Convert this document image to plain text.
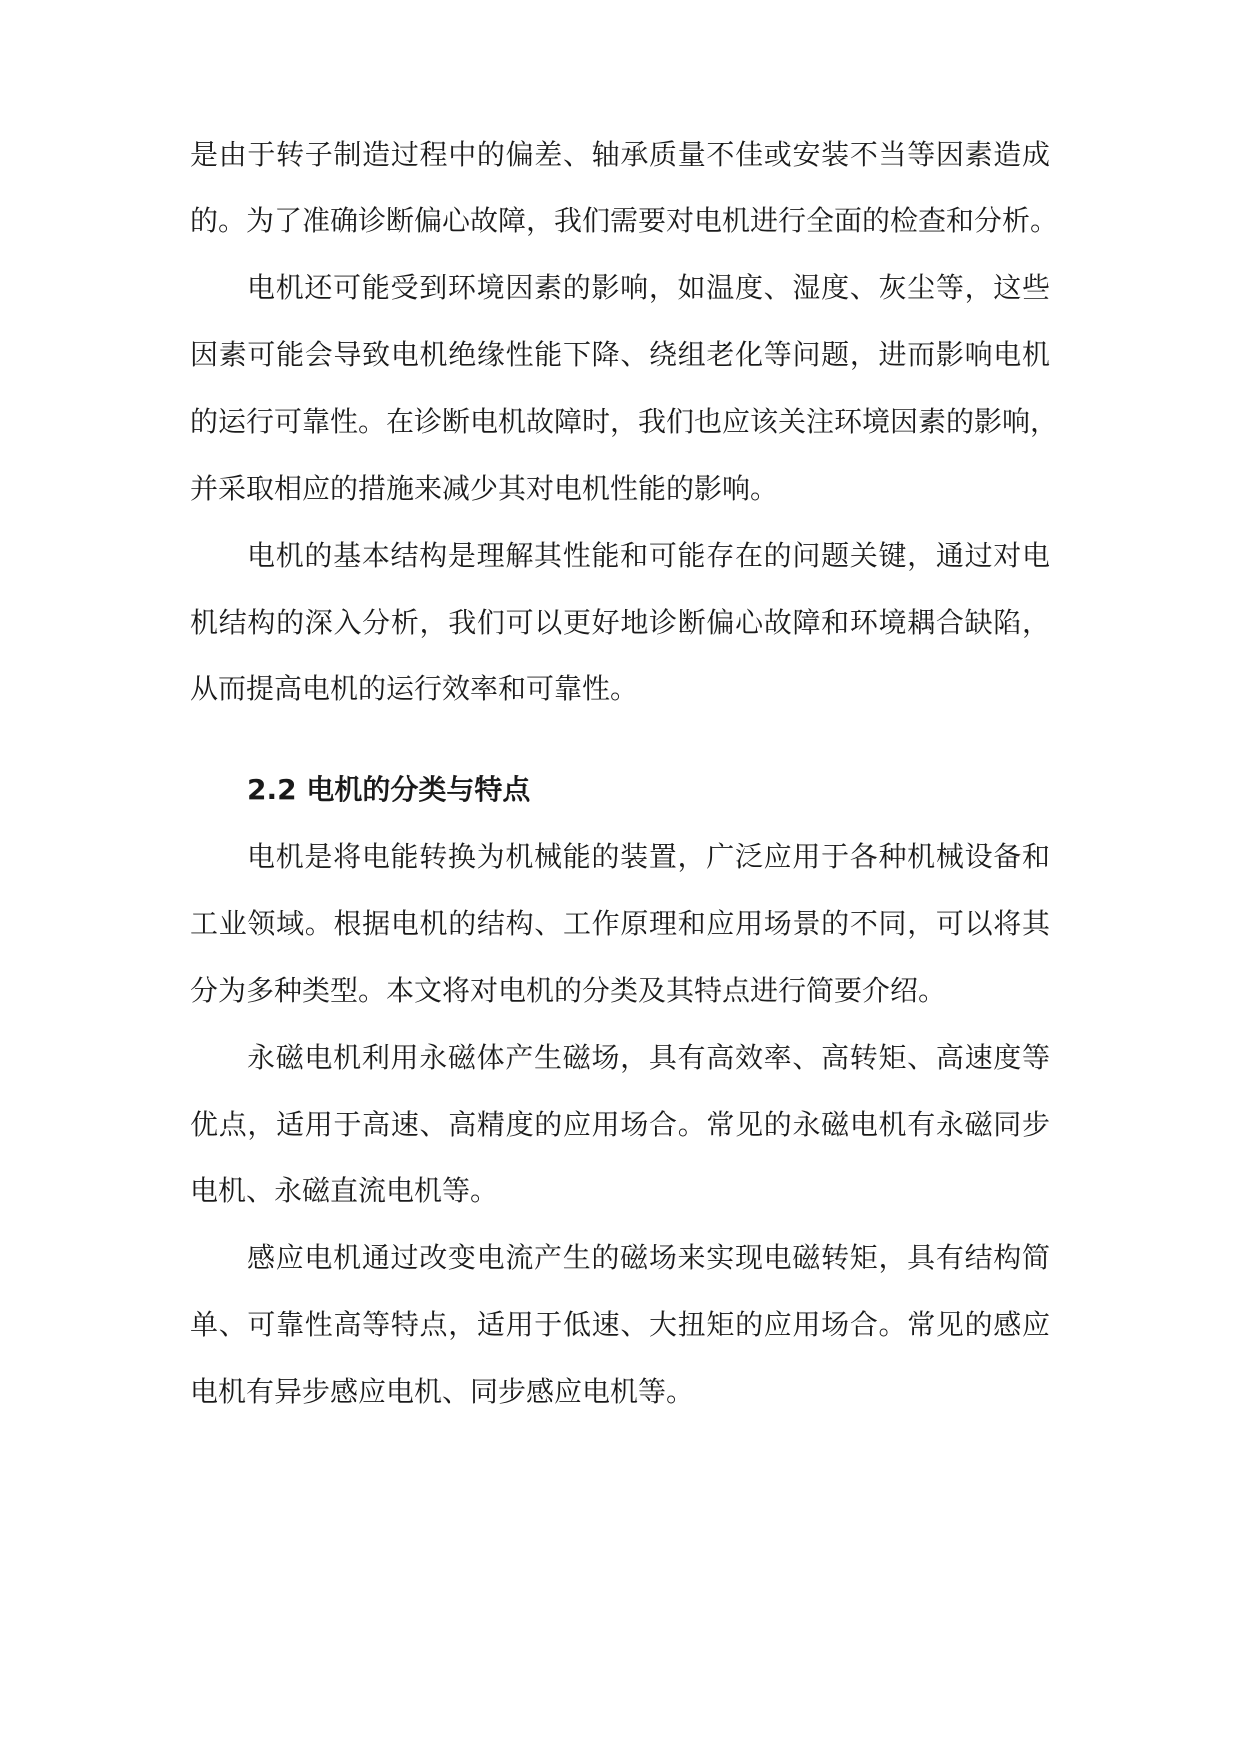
是由于转子制造过程中的偏差、轴承质量不佳或安装不当等因素造成
的。为了准确诊断偏心故障，我们需要对电机进行全面的检查和分析。
电机还可能受到环境因素的影响，如温度、湿度、灰尘等，这些
因素可能会导致电机绝缘性能下降、绕组老化等问题，进而影响电机
的运行可靠性。在诊断电机故障时，我们也应该关注环境因素的影响，
并采取相应的措施来减少其对电机性能的影响。
电机的基本结构是理解其性能和可能存在的问题关键，通过对电
机结构的深入分析，我们可以更好地诊断偏心故障和环境耦合缺陷，
从而提高电机的运行效率和可靠性。
2.2 电机的分类与特点
电机是将电能转换为机械能的装置，广泛应用于各种机械设备和
工业领域。根据电机的结构、工作原理和应用场景的不同，可以将其
分为多种类型。本文将对电机的分类及其特点进行简要介绍。
永磁电机利用永磁体产生磁场，具有高效率、高转矩、高速度等
优点，适用于高速、高精度的应用场合。常见的永磁电机有永磁同步
电机、永磁直流电机等。
感应电机通过改变电流产生的磁场来实现电磁转矩，具有结构简
单、可靠性高等特点，适用于低速、大扭矩的应用场合。常见的感应
电机有异步感应电机、同步感应电机等。
